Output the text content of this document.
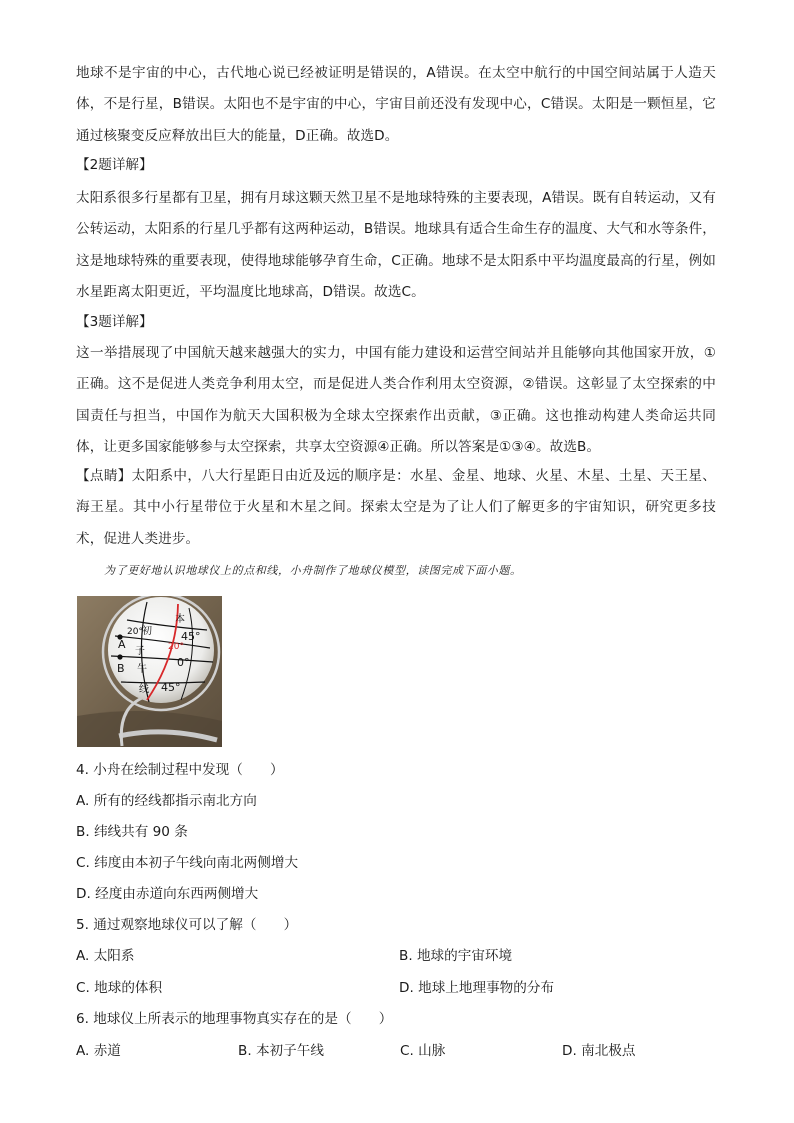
地球不是宇宙的中心，古代地心说已经被证明是错误的，A错误。在太空中航行的中国空间站属于人造天体，不是行星，B错误。太阳也不是宇宙的中心，宇宙目前还没有发现中心，C错误。太阳是一颗恒星，它通过核聚变反应释放出巨大的能量，D正确。故选D。

【2题详解】

太阳系很多行星都有卫星，拥有月球这颗天然卫星不是地球特殊的主要表现，A错误。既有自转运动，又有公转运动，太阳系的行星几乎都有这两种运动，B错误。地球具有适合生命生存的温度、大气和水等条件，这是地球特殊的重要表现，使得地球能够孕育生命，C正确。地球不是太阳系中平均温度最高的行星，例如水星距离太阳更近，平均温度比地球高，D错误。故选C。

【3题详解】

这一举措展现了中国航天越来越强大的实力，中国有能力建设和运营空间站并且能够向其他国家开放，①正确。这不是促进人类竞争利用太空，而是促进人类合作利用太空资源，②错误。这彰显了太空探索的中国责任与担当，中国作为航天大国积极为全球太空探索作出贡献，③正确。这也推动构建人类命运共同体，让更多国家能够参与太空探索，共享太空资源④正确。所以答案是①③④。故选B。

【点睛】太阳系中，八大行星距日由近及远的顺序是：水星、金星、地球、火星、木星、土星、天王星、海王星。其中小行星带位于火星和木星之间。探索太空是为了让人们了解更多的宇宙知识，研究更多技术，促进人类进步。

为了更好地认识地球仪上的点和线，小舟制作了地球仪模型，读图完成下面小题。
20°
20°
45°
0°
45°
A
B
本
初
子
午
线
4. 小舟在绘制过程中发现（　　）
A. 所有的经线都指示南北方向
B. 纬线共有 90 条
C. 纬度由本初子午线向南北两侧增大
D. 经度由赤道向东西两侧增大
5. 通过观察地球仪可以了解（　　）
A. 太阳系	B. 地球的宇宙环境
C. 地球的体积	D. 地球上地理事物的分布
6. 地球仪上所表示的地理事物真实存在的是（　　）
A. 赤道	B. 本初子午线	C. 山脉	D. 南北极点
